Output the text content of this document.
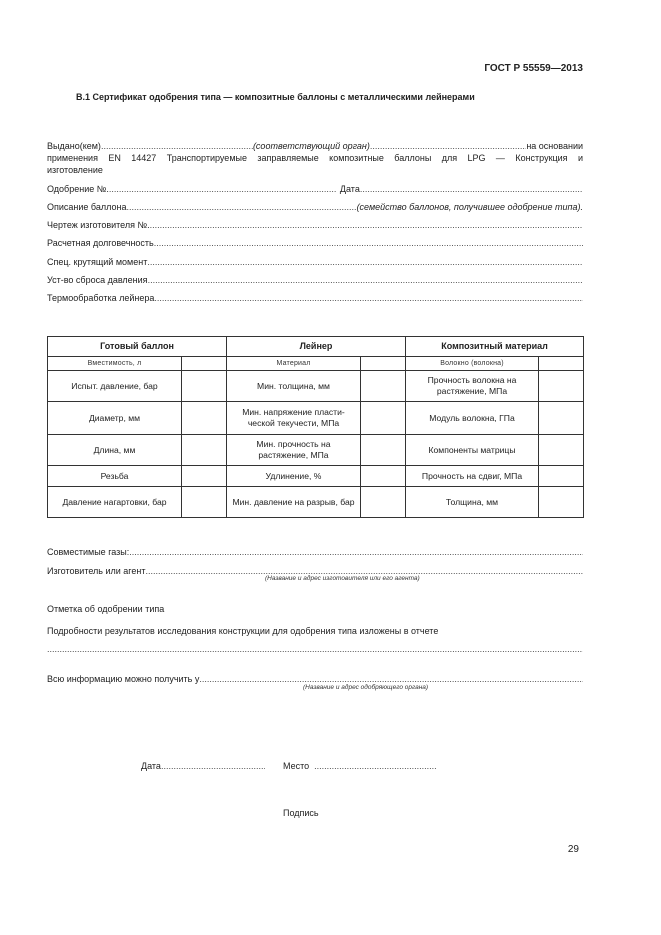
ГОСТ Р 55559—2013
В.1 Сертификат одобрения типа — композитные баллоны с металлическими лейнерами
Выдано(кем) .....	(соответствующий орган) .....	на основании
применения EN 14427 Транспортируемые заправляемые композитные баллоны для LPG — Конструкция и
изготовление
Одобрение №. .....	Дата
.....
Описание баллона .....	(семейство баллонов, получившее одобрение типа).
Чертеж изготовителя №.
.....
Расчетная долговечность
.....
Спец. крутящий момент
.....
Уст-во сброса давления
.....
Термообработка лейнера
.....
Готовый баллон		Лейнер		Композитный материал	
Вместимость, л		Материал		Волокно (волокна)	
Испыт. давление, бар		Мин. толщина, мм		Прочность волокна на растяжение, МПа	
Диаметр, мм		Мин. напряжение пласти-ческой текучести, МПа		Модуль волокна, ГПа	
Длина, мм		Мин. прочность на растяжение, МПа		Компоненты матрицы	
Резьба		Удлинение, %		Прочность на сдвиг, МПа	
Давление нагартовки, бар		Мин. давление на разрыв, бар		Толщина, мм	
Совместимые газы:
.....
Изготовитель или агент
.....
(Название и адрес изготовителя или его агента)
Отметка об одобрении типа
Подробности результатов исследования конструкции для одобрения типа изложены в отчете
.....
Всю информацию можно получить у
.....
(Название и адрес одобряющего органа)
Дата .....	Место
.....
Подпись
29
